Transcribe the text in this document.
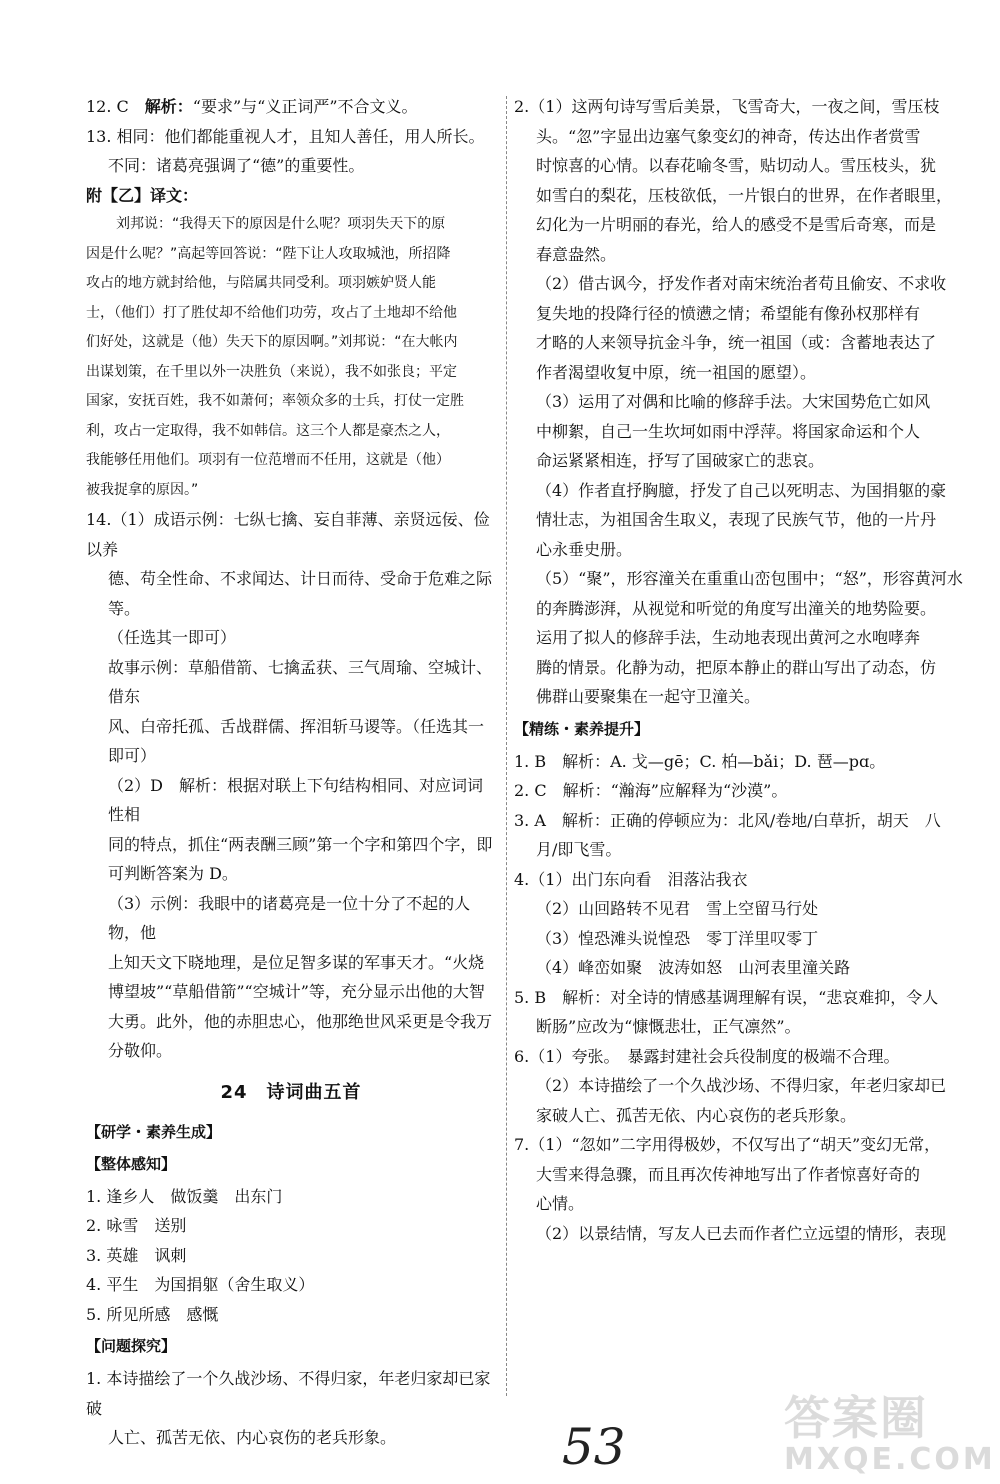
12. C　解析：“要求”与“义正词严”不合文义。

13. 相同：他们都能重视人才，且知人善任，用人所长。

不同：诸葛亮强调了“德”的重要性。

附【乙】译文：

刘邦说：“我得天下的原因是什么呢？项羽失天下的原

因是什么呢？”高起等回答说：“陛下让人攻取城池，所招降

攻占的地方就封给他，与陪属共同受利。项羽嫉妒贤人能

士，（他们）打了胜仗却不给他们功劳，攻占了土地却不给他

们好处，这就是（他）失天下的原因啊。”刘邦说：“在大帐内

出谋划策，在千里以外一决胜负（来说），我不如张良；平定

国家，安抚百姓，我不如萧何；率领众多的士兵，打仗一定胜

利，攻占一定取得，我不如韩信。这三个人都是豪杰之人，

我能够任用他们。项羽有一位范增而不任用，这就是（他）

被我捉拿的原因。”

14.（1）成语示例：七纵七擒、妄自菲薄、亲贤远佞、俭以养

德、苟全性命、不求闻达、计日而待、受命于危难之际等。

（任选其一即可）

故事示例：草船借箭、七擒孟获、三气周瑜、空城计、借东

风、白帝托孤、舌战群儒、挥泪斩马谡等。（任选其一

即可）

（2）D　解析：根据对联上下句结构相同、对应词词性相

同的特点，抓住“两表酬三顾”第一个字和第四个字，即

可判断答案为 D。

（3）示例：我眼中的诸葛亮是一位十分了不起的人物，他

上知天文下晓地理，是位足智多谋的军事天才。“火烧

博望坡”“草船借箭”“空城计”等，充分显示出他的大智

大勇。此外，他的赤胆忠心，他那绝世风采更是令我万

分敬仰。

24　诗词曲五首

【研学・素养生成】

【整体感知】

1. 逢乡人　做饭羹　出东门

2. 咏雪　送别

3. 英雄　讽刺

4. 平生　为国捐躯（舍生取义）

5. 所见所感　感慨

【问题探究】

1. 本诗描绘了一个久战沙场、不得归家，年老归家却已家破

人亡、孤苦无依、内心哀伤的老兵形象。

2.（1）这两句诗写雪后美景，飞雪奇大，一夜之间，雪压枝

头。“忽”字显出边塞气象变幻的神奇，传达出作者赏雪

时惊喜的心情。以春花喻冬雪，贴切动人。雪压枝头，犹

如雪白的梨花，压枝欲低，一片银白的世界，在作者眼里，

幻化为一片明丽的春光，给人的感受不是雪后奇寒，而是

春意盎然。

（2）借古讽今，抒发作者对南宋统治者苟且偷安、不求收

复失地的投降行径的愤懑之情；希望能有像孙权那样有

才略的人来领导抗金斗争，统一祖国（或：含蓄地表达了

作者渴望收复中原，统一祖国的愿望）。

（3）运用了对偶和比喻的修辞手法。大宋国势危亡如风

中柳絮，自己一生坎坷如雨中浮萍。将国家命运和个人

命运紧紧相连，抒写了国破家亡的悲哀。

（4）作者直抒胸臆，抒发了自己以死明志、为国捐躯的豪

情壮志，为祖国舍生取义，表现了民族气节，他的一片丹

心永垂史册。

（5）“聚”，形容潼关在重重山峦包围中；“怒”，形容黄河水

的奔腾澎湃，从视觉和听觉的角度写出潼关的地势险要。

运用了拟人的修辞手法，生动地表现出黄河之水咆哮奔

腾的情景。化静为动，把原本静止的群山写出了动态，仿

佛群山要聚集在一起守卫潼关。

【精练・素养提升】

1. B　解析：A. 戈—gē；C. 柏—bǎi；D. 琶—pɑ。

2. C　解析：“瀚海”应解释为“沙漠”。

3. A　解析：正确的停顿应为：北风/卷地/白草折，胡天　八

月/即飞雪。

4.（1）出门东向看　泪落沾我衣

（2）山回路转不见君　雪上空留马行处

（3）惶恐滩头说惶恐　零丁洋里叹零丁

（4）峰峦如聚　波涛如怒　山河表里潼关路

5. B　解析：对全诗的情感基调理解有误，“悲哀难抑，令人

断肠”应改为“慷慨悲壮，正气凛然”。

6.（1）夸张。　暴露封建社会兵役制度的极端不合理。

（2）本诗描绘了一个久战沙场、不得归家，年老归家却已

家破人亡、孤苦无依、内心哀伤的老兵形象。

7.（1）“忽如”二字用得极妙，不仅写出了“胡天”变幻无常，

大雪来得急骤，而且再次传神地写出了作者惊喜好奇的

心情。

（2）以景结情，写友人已去而作者伫立远望的情形，表现

答案圈
MXQE.COM
53
